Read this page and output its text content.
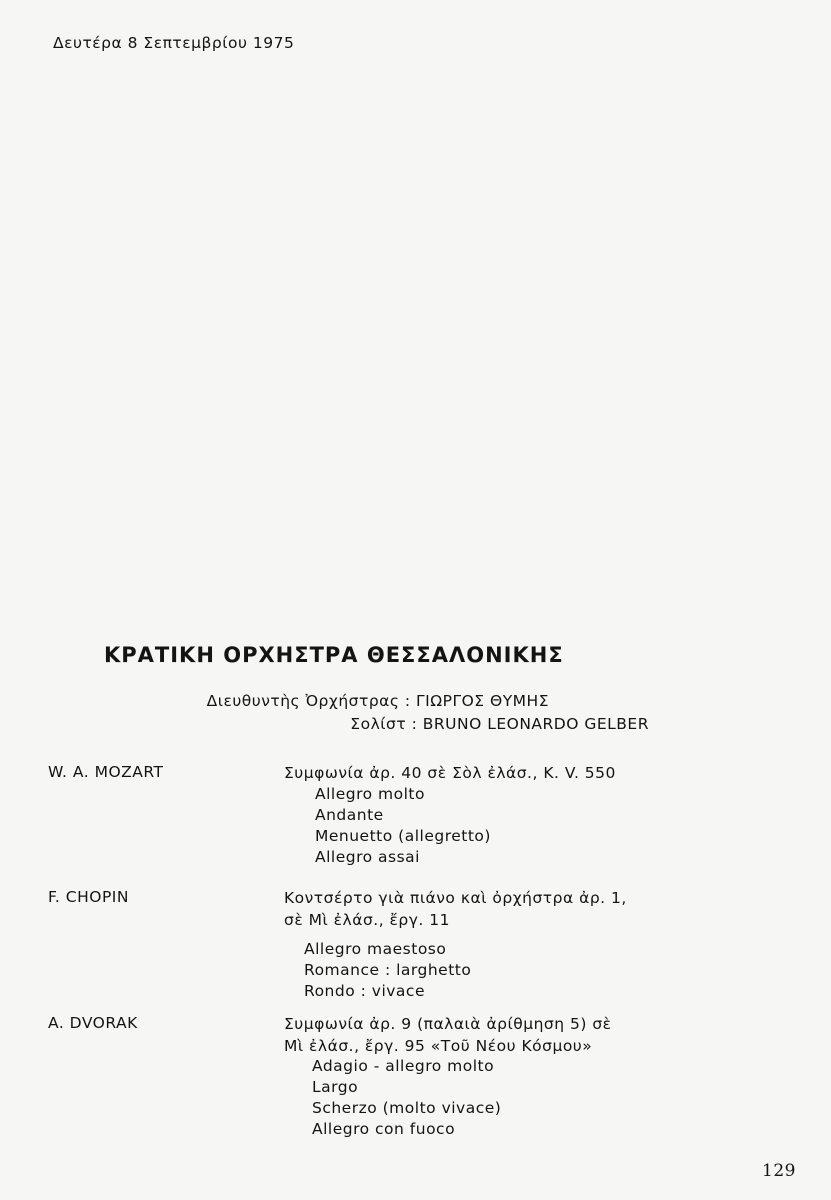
Δευτέρα 8 Σεπτεμβρίου 1975
ΚΡΑΤΙΚΗ ΟΡΧΗΣΤΡΑ ΘΕΣΣΑΛΟΝΙΚΗΣ
Διευθυντὴς Ὀρχήστρας : ΓΙΩΡΓΟΣ ΘΥΜΗΣ
Σολίστ : BRUNO LEONARDO GELBER
W. A. MOZART	Συμφωνία ἀρ. 40 σὲ Σὸλ ἐλάσ., K. V. 550
Allegro molto
Andante
Menuetto (allegretto)
Allegro assai
F. CHOPIN	Κοντσέρτο γιὰ πιάνο καὶ ὀρχήστρα ἀρ. 1,
σὲ Μὶ ἐλάσ., ἔργ. 11
Allegro maestoso
Romance : larghetto
Rondo : vivace
A. DVORAK	Συμφωνία ἀρ. 9 (παλαιὰ ἀρίθμηση 5) σὲ
Μὶ ἐλάσ., ἔργ. 95 «Τοῦ Νέου Κόσμου»
Adagio - allegro molto
Largo
Scherzo (molto vivace)
Allegro con fuoco
129
